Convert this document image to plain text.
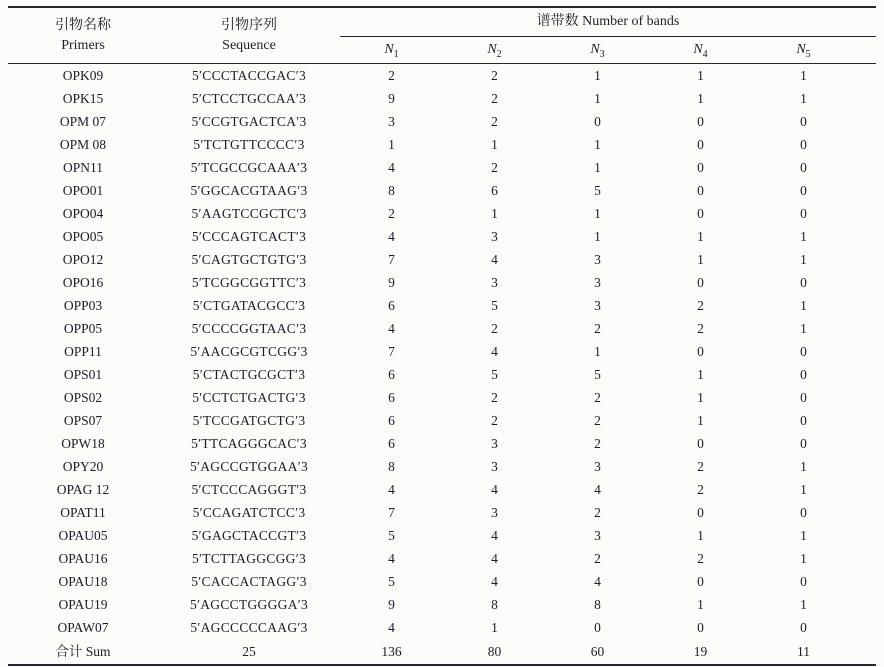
引物名称
Primers
引物序列
Sequence
谱带数 Number of bands
$N_1$	$N_2$	$N_3$	$N_4$	$N_5$
OPK09	5′CCCTACCGAC′3	2	2	1	1	1
OPK15	5′CTCCTGCCAA′3	9	2	1	1	1
OPM 07	5′CCGTGACTCA′3	3	2	0	0	0
OPM 08	5′TCTGTTCCCC′3	1	1	1	0	0
OPN11	5′TCGCCGCAAA′3	4	2	1	0	0
OPO01	5′GGCACGTAAG′3	8	6	5	0	0
OPO04	5′AAGTCCGCTC′3	2	1	1	0	0
OPO05	5′CCCAGTCACT′3	4	3	1	1	1
OPO12	5′CAGTGCTGTG′3	7	4	3	1	1
OPO16	5′TCGGCGGTTC′3	9	3	3	0	0
OPP03	5′CTGATACGCC′3	6	5	3	2	1
OPP05	5′CCCCGGTAAC′3	4	2	2	2	1
OPP11	5′AACGCGTCGG′3	7	4	1	0	0
OPS01	5′CTACTGCGCT′3	6	5	5	1	0
OPS02	5′CCTCTGACTG′3	6	2	2	1	0
OPS07	5′TCCGATGCTG′3	6	2	2	1	0
OPW18	5′TTCAGGGCAC′3	6	3	2	0	0
OPY20	5′AGCCGTGGAA′3	8	3	3	2	1
OPAG 12	5′CTCCCAGGGT′3	4	4	4	2	1
OPAT11	5′CCAGATCTCC′3	7	3	2	0	0
OPAU05	5′GAGCTACCGT′3	5	4	3	1	1
OPAU16	5′TCTTAGGCGG′3	4	4	2	2	1
OPAU18	5′CACCACTAGG′3	5	4	4	0	0
OPAU19	5′AGCCTGGGGA′3	9	8	8	1	1
OPAW07	5′AGCCCCCAAG′3	4	1	0	0	0
合计 Sum	25	136	80	60	19	11
